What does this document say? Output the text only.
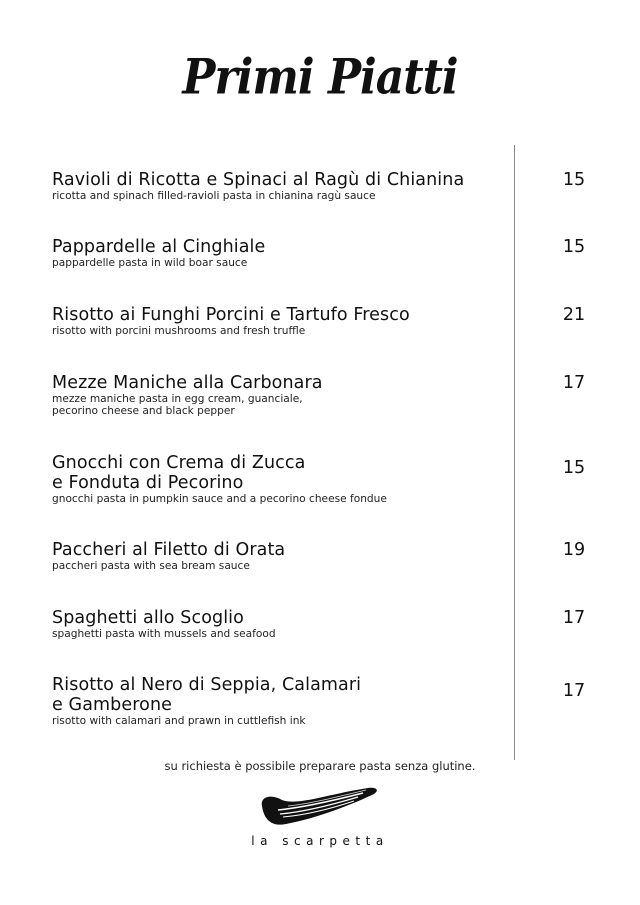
Primi Piatti
Ravioli di Ricotta e Spinaci al Ragù di Chianina
ricotta and spinach filled-ravioli pasta in chianina ragù sauce
15
Pappardelle al Cinghiale
pappardelle pasta in wild boar sauce
15
Risotto ai Funghi Porcini e Tartufo Fresco
risotto with porcini mushrooms and fresh truffle
21
Mezze Maniche alla Carbonara
mezze maniche pasta in egg cream, guanciale,
pecorino cheese and black pepper
17
Gnocchi con Crema di Zucca
e Fonduta di Pecorino
gnocchi pasta in pumpkin sauce and a pecorino cheese fondue
15
Paccheri al Filetto di Orata
paccheri pasta with sea bream sauce
19
Spaghetti allo Scoglio
spaghetti pasta with mussels and seafood
17
Risotto al Nero di Seppia, Calamari
e Gamberone
risotto with calamari and prawn in cuttlefish ink
17
su richiesta è possibile preparare pasta senza glutine.
la scarpetta
